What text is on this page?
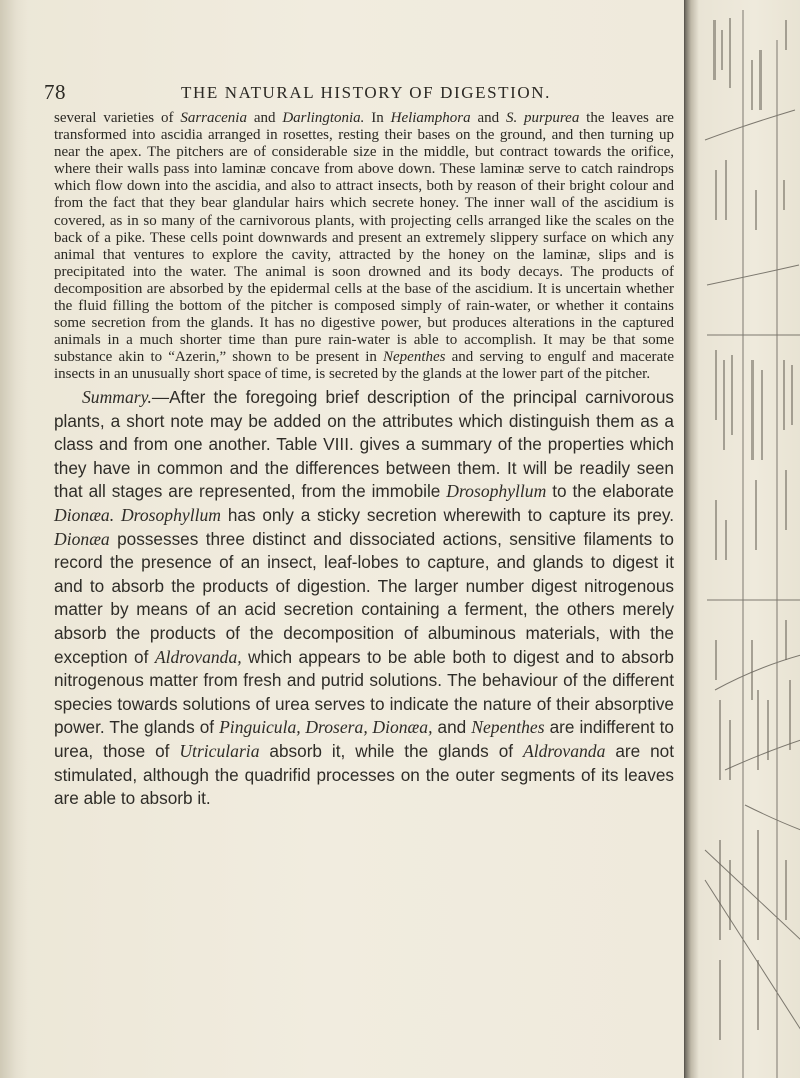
78	THE NATURAL HISTORY OF DIGESTION.
several varieties of Sarracenia and Darlingtonia. In Heliamphora and S. purpurea the leaves are transformed into ascidia arranged in rosettes, resting their bases on the ground, and then turning up near the apex. The pitchers are of considerable size in the middle, but contract towards the orifice, where their walls pass into laminæ concave from above down. These laminæ serve to catch raindrops which flow down into the ascidia, and also to attract insects, both by reason of their bright colour and from the fact that they bear glandular hairs which secrete honey. The inner wall of the ascidium is covered, as in so many of the carnivorous plants, with projecting cells arranged like the scales on the back of a pike. These cells point downwards and present an extremely slippery surface on which any animal that ventures to explore the cavity, attracted by the honey on the laminæ, slips and is precipitated into the water. The animal is soon drowned and its body decays. The products of decomposition are absorbed by the epidermal cells at the base of the ascidium. It is uncertain whether the fluid filling the bottom of the pitcher is composed simply of rain-water, or whether it contains some secretion from the glands. It has no digestive power, but produces alterations in the captured animals in a much shorter time than pure rain-water is able to accomplish. It may be that some substance akin to “Azerin,” shown to be present in Nepenthes and serving to engulf and macerate insects in an unusually short space of time, is secreted by the glands at the lower part of the pitcher.
Summary.—After the foregoing brief description of the principal carnivorous plants, a short note may be added on the attributes which distinguish them as a class and from one another. Table VIII. gives a summary of the properties which they have in common and the differences between them. It will be readily seen that all stages are represented, from the immobile Drosophyllum to the elaborate Dionæa. Drosophyllum has only a sticky secretion wherewith to capture its prey. Dionæa possesses three distinct and dissociated actions, sensitive filaments to record the presence of an insect, leaf-lobes to capture, and glands to digest it and to absorb the products of digestion. The larger number digest nitrogenous matter by means of an acid secretion containing a ferment, the others merely absorb the products of the decomposition of albuminous materials, with the exception of Aldrovanda, which appears to be able both to digest and to absorb nitrogenous matter from fresh and putrid solutions. The behaviour of the different species towards solutions of urea serves to indicate the nature of their absorptive power. The glands of Pinguicula, Drosera, Dionæa, and Nepenthes are indifferent to urea, those of Utricularia absorb it, while the glands of Aldrovanda are not stimulated, although the quadrifid processes on the outer segments of its leaves are able to absorb it.
